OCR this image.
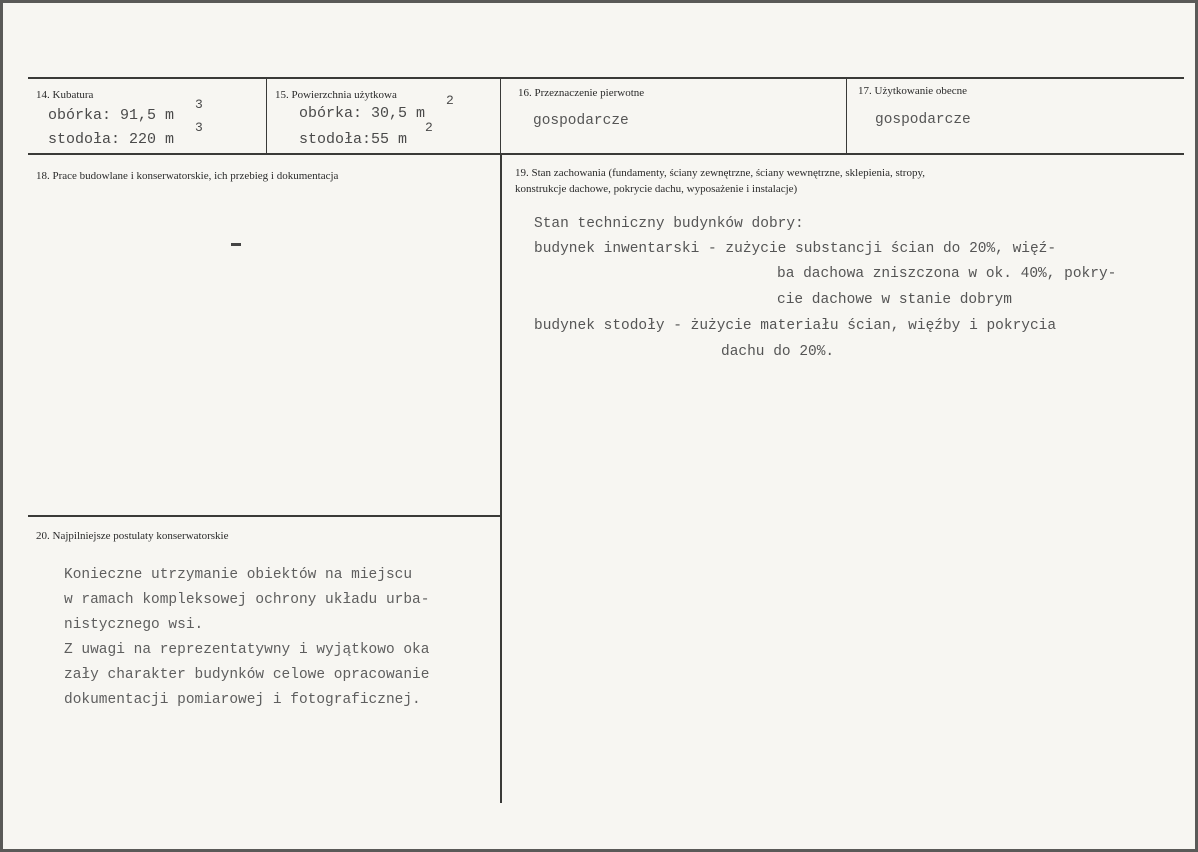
14. Kubatura
obórka: 91,5 m
3
stodoła: 220 m
3
15. Powierzchnia użytkowa
obórka: 30,5 m
2
stodoła:55 m
2
16. Przeznaczenie pierwotne
gospodarcze
17. Użytkowanie obecne
gospodarcze
18. Prace budowlane i konserwatorskie, ich przebieg i dokumentacja	19. Stan zachowania (fundamenty, ściany zewnętrzne, ściany wewnętrzne, sklepienia, stropy,
konstrukcje dachowe, pokrycie dachu, wyposażenie i instalacje)
Stan techniczny budynków dobry:
budynek inwentarski - zużycie substancji ścian do 20%, więź-
ba dachowa zniszczona w ok. 40%, pokry-
cie dachowe w stanie dobrym
budynek stodoły - żużycie materiału ścian, więźby i pokrycia
dachu do 20%.
20. Najpilniejsze postulaty konserwatorskie
Konieczne utrzymanie obiektów na miejscu
w ramach kompleksowej ochrony układu urba-
nistycznego wsi.
Z uwagi na reprezentatywny i wyjątkowo oka
zały charakter budynków celowe opracowanie
dokumentacji pomiarowej i fotograficznej.
